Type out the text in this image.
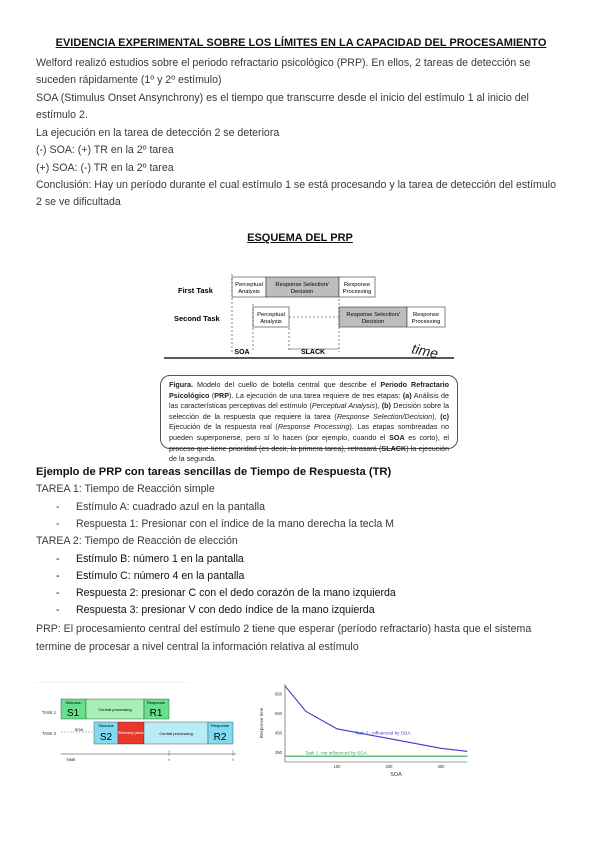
EVIDENCIA EXPERIMENTAL SOBRE LOS LÍMITES EN LA CAPACIDAD DEL PROCESAMIENTO
Welford realizó estudios sobre el periodo refractario psicológico (PRP). En ellos, 2 tareas de detección se
suceden rápidamente (1º y 2º estímulo)
SOA (Stimulus Onset Ansynchrony) es el tiempo que transcurre desde el inicio del estímulo 1 al inicio del
estímulo 2.
La ejecución en la tarea de detección 2 se deteriora
(-) SOA: (+) TR en la 2º tarea
(+) SOA: (-) TR en la 2º tarea
Conclusión: Hay un período durante el cual estímulo 1 se está procesando y la tarea de detección del estímulo
2 se ve dificultada
ESQUEMA DEL PRP
First Task
Second Task
Perceptual
Analysis
Response Selection/
Decision
Response
Processing
Perceptual
Analysis
Response Selection/
Decision
Response
Processing
SOA	SLACK	time
Figura. Modelo del cuello de botella central que describe el Periodo Refractario Psicológico (PRP). La ejecución de una tarea requiere de tres etapas: (a) Análisis de las características perceptivas del estímulo (Perceptual Analysis), (b) Decisión sobre la selección de la respuesta que requiere la tarea (Response Selection/Decision), (c) Ejecución de la respuesta real (Response Processing). Las etapas sombreadas no pueden superponerse, pero sí lo hacen (por ejemplo, cuando el SOA es corto), el proceso que tiene prioridad (es decir, la primera tarea), retrasará (SLACK) la ejecución de la segunda.
Ejemplo de PRP con tareas sencillas de Tiempo de Respuesta (TR)
TAREA 1: Tiempo de Reacción simple
- Estímulo A: cuadrado azul en la pantalla
- Respuesta 1: Presionar con el índice de la mano derecha la tecla M
TAREA 2: Tiempo de Reacción de elección
- Estímulo B: número 1 en la pantalla
- Estímulo C: número 4 en la pantalla
- Respuesta 2: presionar C con el dedo corazón de la mano izquierda
- Respuesta 3: presionar V con dedo índice de la mano izquierda
PRP: El procesamiento central del estímulo 2 tiene que esperar (período refractario) hasta que el sistema
termine de procesar a nivel central la información relativa al estímulo
TASK 1
TASK 2
Stimulus
S1	Central processing
Response
R1
SOA
Stimulus
S2 Refractory period	Central processing
Response
R2
TIME	t	t
650
550
450
350
100	200	300
SOA
Response time	Task 2 - influenced by SOA
Task 1 -not influenced by SOA
